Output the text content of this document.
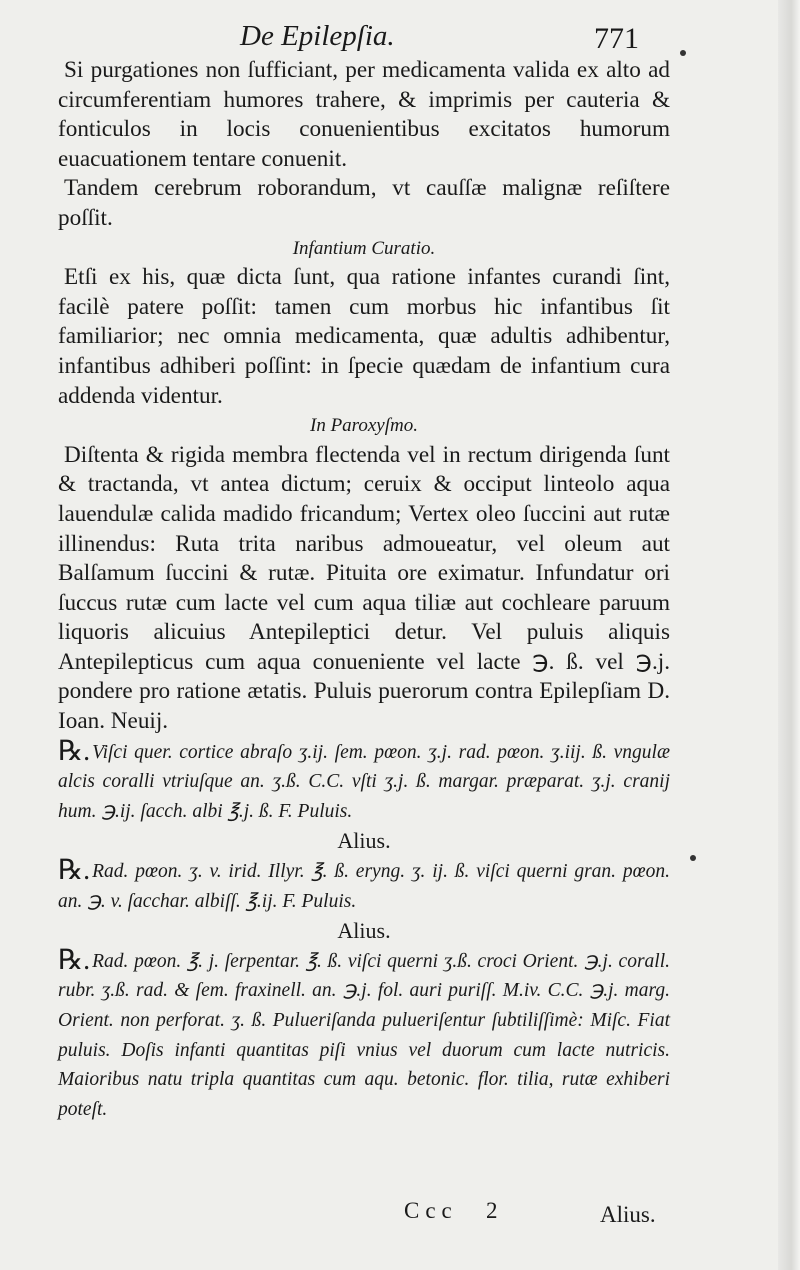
De Epilepſia.	771

Si purgationes non ſufficiant, per medicamenta valida ex alto ad circumferentiam humores trahere, & imprimis per cauteria & fonticulos in locis conuenientibus excitatos humorum euacuationem tentare conuenit.

Tandem cerebrum roborandum, vt cauſſæ malignæ reſiſtere poſſit.

Infantium Curatio.

Etſi ex his, quæ dicta ſunt, qua ratione infantes curandi ſint, facilè patere poſſit: tamen cum morbus hic infantibus ſit familiarior; nec omnia medicamenta, quæ adultis adhibentur, infantibus adhiberi poſſint: in ſpecie quædam de infantium cura addenda videntur.

In Paroxyſmo.

Diſtenta & rigida membra flectenda vel in rectum dirigenda ſunt & tractanda, vt antea dictum; ceruix & occiput linteolo aqua lauendulæ calida madido fricandum; Vertex oleo ſuccini aut rutæ illinendus: Ruta trita naribus admoueatur, vel oleum aut Balſamum ſuccini & rutæ. Pituita ore eximatur. Infundatur ori ſuccus rutæ cum lacte vel cum aqua tiliæ aut cochleare paruum liquoris alicuius Antepileptici detur. Vel puluis aliquis Antepilepticus cum aqua conueniente vel lacte ℈. ß. vel ℈.j. pondere pro ratione ætatis. Puluis puerorum contra Epilepſiam D. Ioan. Neuij.

℞. Viſci quer. cortice abraſo ʒ.ij. ſem. pœon. ʒ.j. rad. pœon. ʒ.iij. ß. vngulæ alcis coralli vtriuſque an. ʒ.ß. C.C. vſti ʒ.j. ß. margar. præparat. ʒ.j. cranij hum. ℈.ij. ſacch. albi ℥.j. ß. F. Puluis.

Alius.

℞. Rad. pœon. ʒ. v. irid. Illyr. ℥. ß. eryng. ʒ. ij. ß. viſci querni gran. pœon. an. ℈. v. ſacchar. albiſſ. ℥.ij. F. Puluis.

Alius.

℞. Rad. pœon. ℥. j. ſerpentar. ℥. ß. viſci querni ʒ.ß. croci Orient. ℈.j. corall. rubr. ʒ.ß. rad. & ſem. fraxinell. an. ℈.j. fol. auri puriſſ. M.iv. C.C. ℈.j. marg. Orient. non perforat. ʒ. ß. Pulueriſanda pulueriſentur ſubtiliſſimè: Miſc. Fiat puluis. Doſis infanti quantitas piſi vnius vel duorum cum lacte nutricis. Maioribus natu tripla quantitas cum aqu. betonic. flor. tilia, rutæ exhiberi poteſt.

Ccc 2	Alius.
